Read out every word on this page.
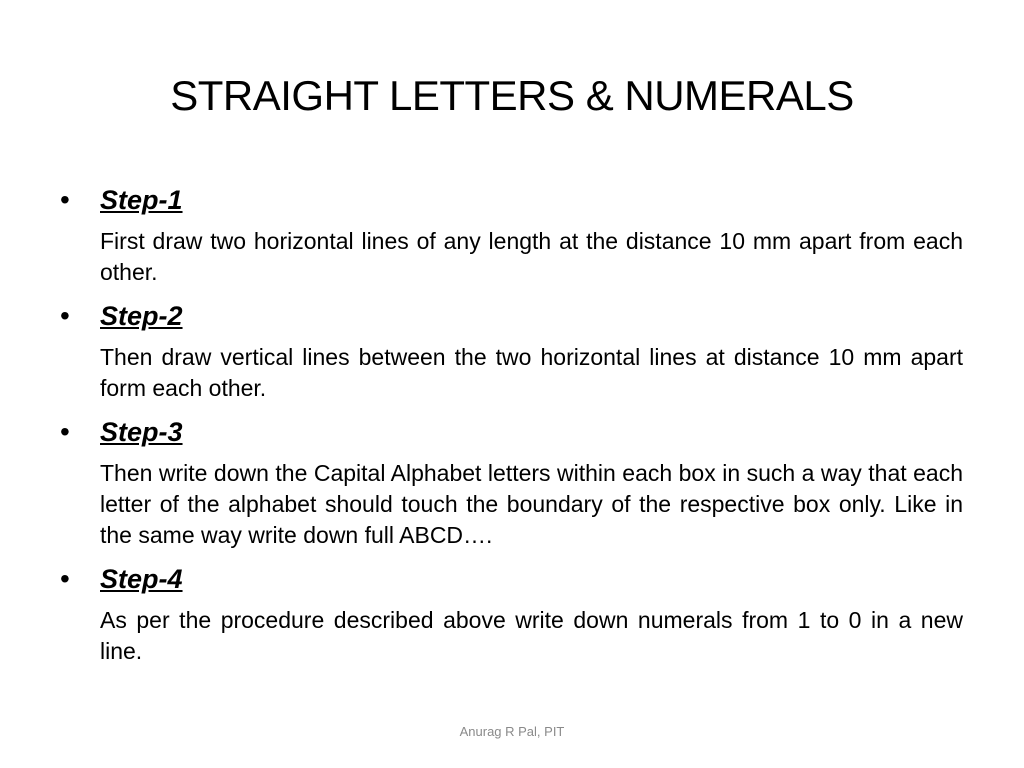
STRAIGHT LETTERS & NUMERALS
•	Step-1
First draw two horizontal lines of any length at the distance 10 mm apart from each other.
•	Step-2
Then draw vertical lines between the two horizontal lines at distance 10 mm apart form each other.
•	Step-3
Then write down the Capital Alphabet letters within each box in such a way that each letter of the alphabet should touch the boundary of the respective box only. Like in the same way write down full ABCD….
•	Step-4
As per the procedure described above write down numerals from 1 to 0 in a new line.
Anurag R Pal, PIT
